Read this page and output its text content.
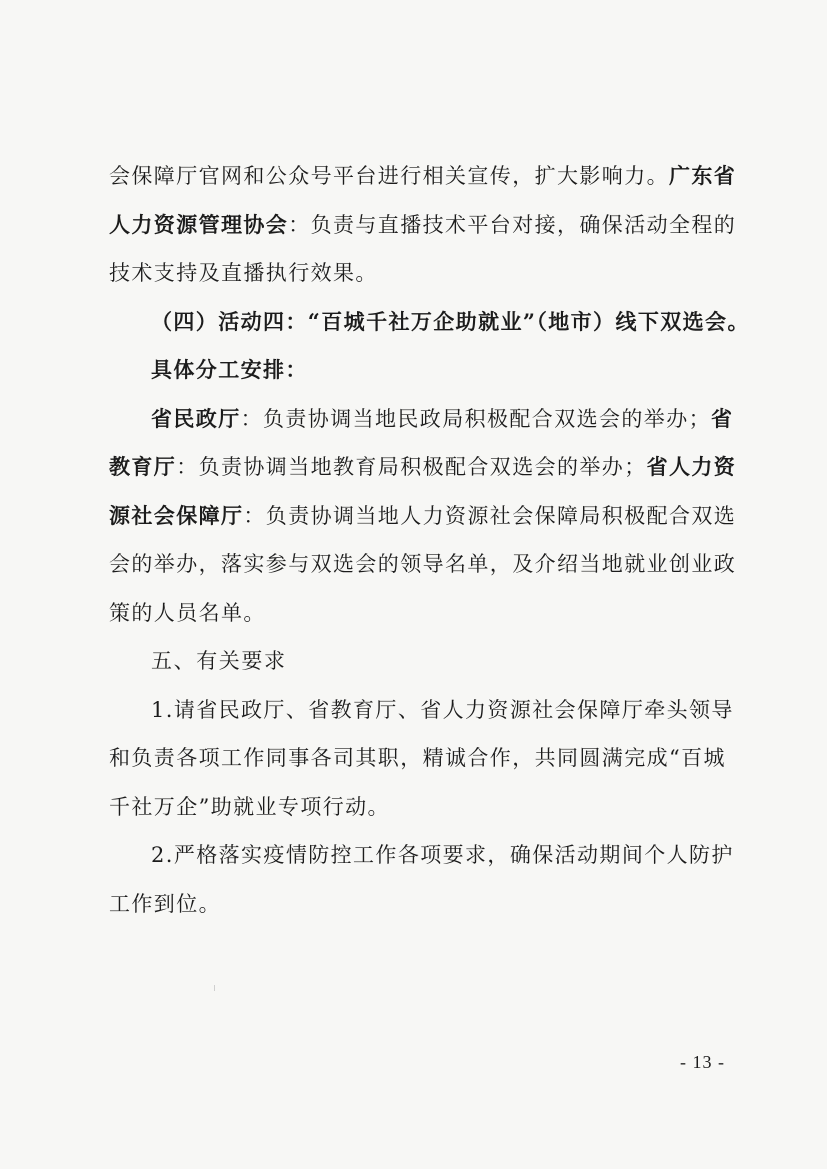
会保障厅官网和公众号平台进行相关宣传，扩大影响力。广东省
人力资源管理协会：负责与直播技术平台对接，确保活动全程的
技术支持及直播执行效果。
（四）活动四：“百城千社万企助就业”（地市）线下双选会。
具体分工安排：
省民政厅：负责协调当地民政局积极配合双选会的举办；省
教育厅：负责协调当地教育局积极配合双选会的举办；省人力资
源社会保障厅：负责协调当地人力资源社会保障局积极配合双选
会的举办，落实参与双选会的领导名单，及介绍当地就业创业政
策的人员名单。
五、有关要求
1.请省民政厅、省教育厅、省人力资源社会保障厅牵头领导
和负责各项工作同事各司其职，精诚合作，共同圆满完成“百城
千社万企”助就业专项行动。
2.严格落实疫情防控工作各项要求，确保活动期间个人防护
工作到位。
- 13 -
